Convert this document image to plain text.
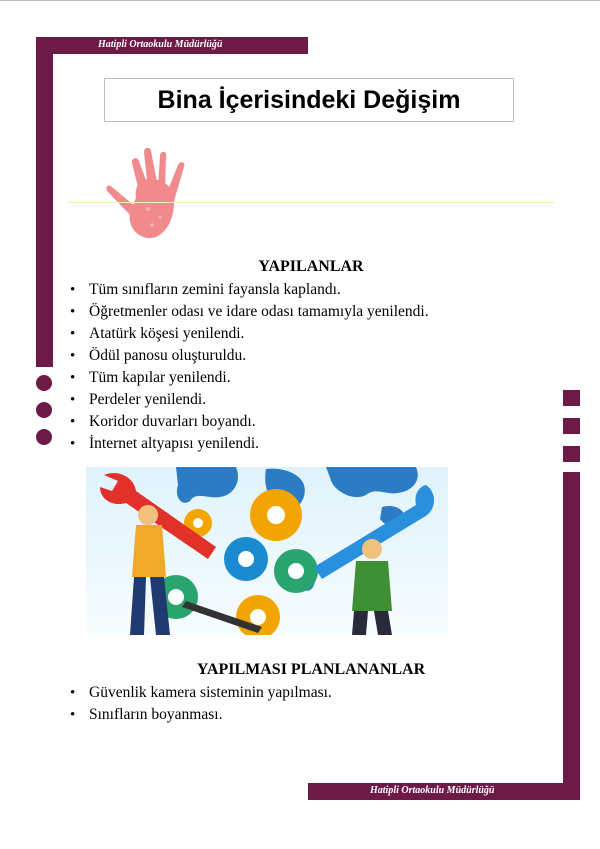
Hatipli Ortaokulu Müdürlüğü
Hatipli Ortaokulu Müdürlüğü
Bina İçerisindeki Değişim
YAPILANLAR
• Tüm sınıfların zemini fayansla kaplandı.
• Öğretmenler odası ve idare odası tamamıyla yenilendi.
• Atatürk köşesi yenilendi.
• Ödül panosu oluşturuldu.
• Tüm kapılar yenilendi.
• Perdeler yenilendi.
• Koridor duvarları boyandı.
• İnternet altyapısı yenilendi.
YAPILMASI PLANLANANLAR
• Güvenlik kamera sisteminin yapılması.
• Sınıfların boyanması.
